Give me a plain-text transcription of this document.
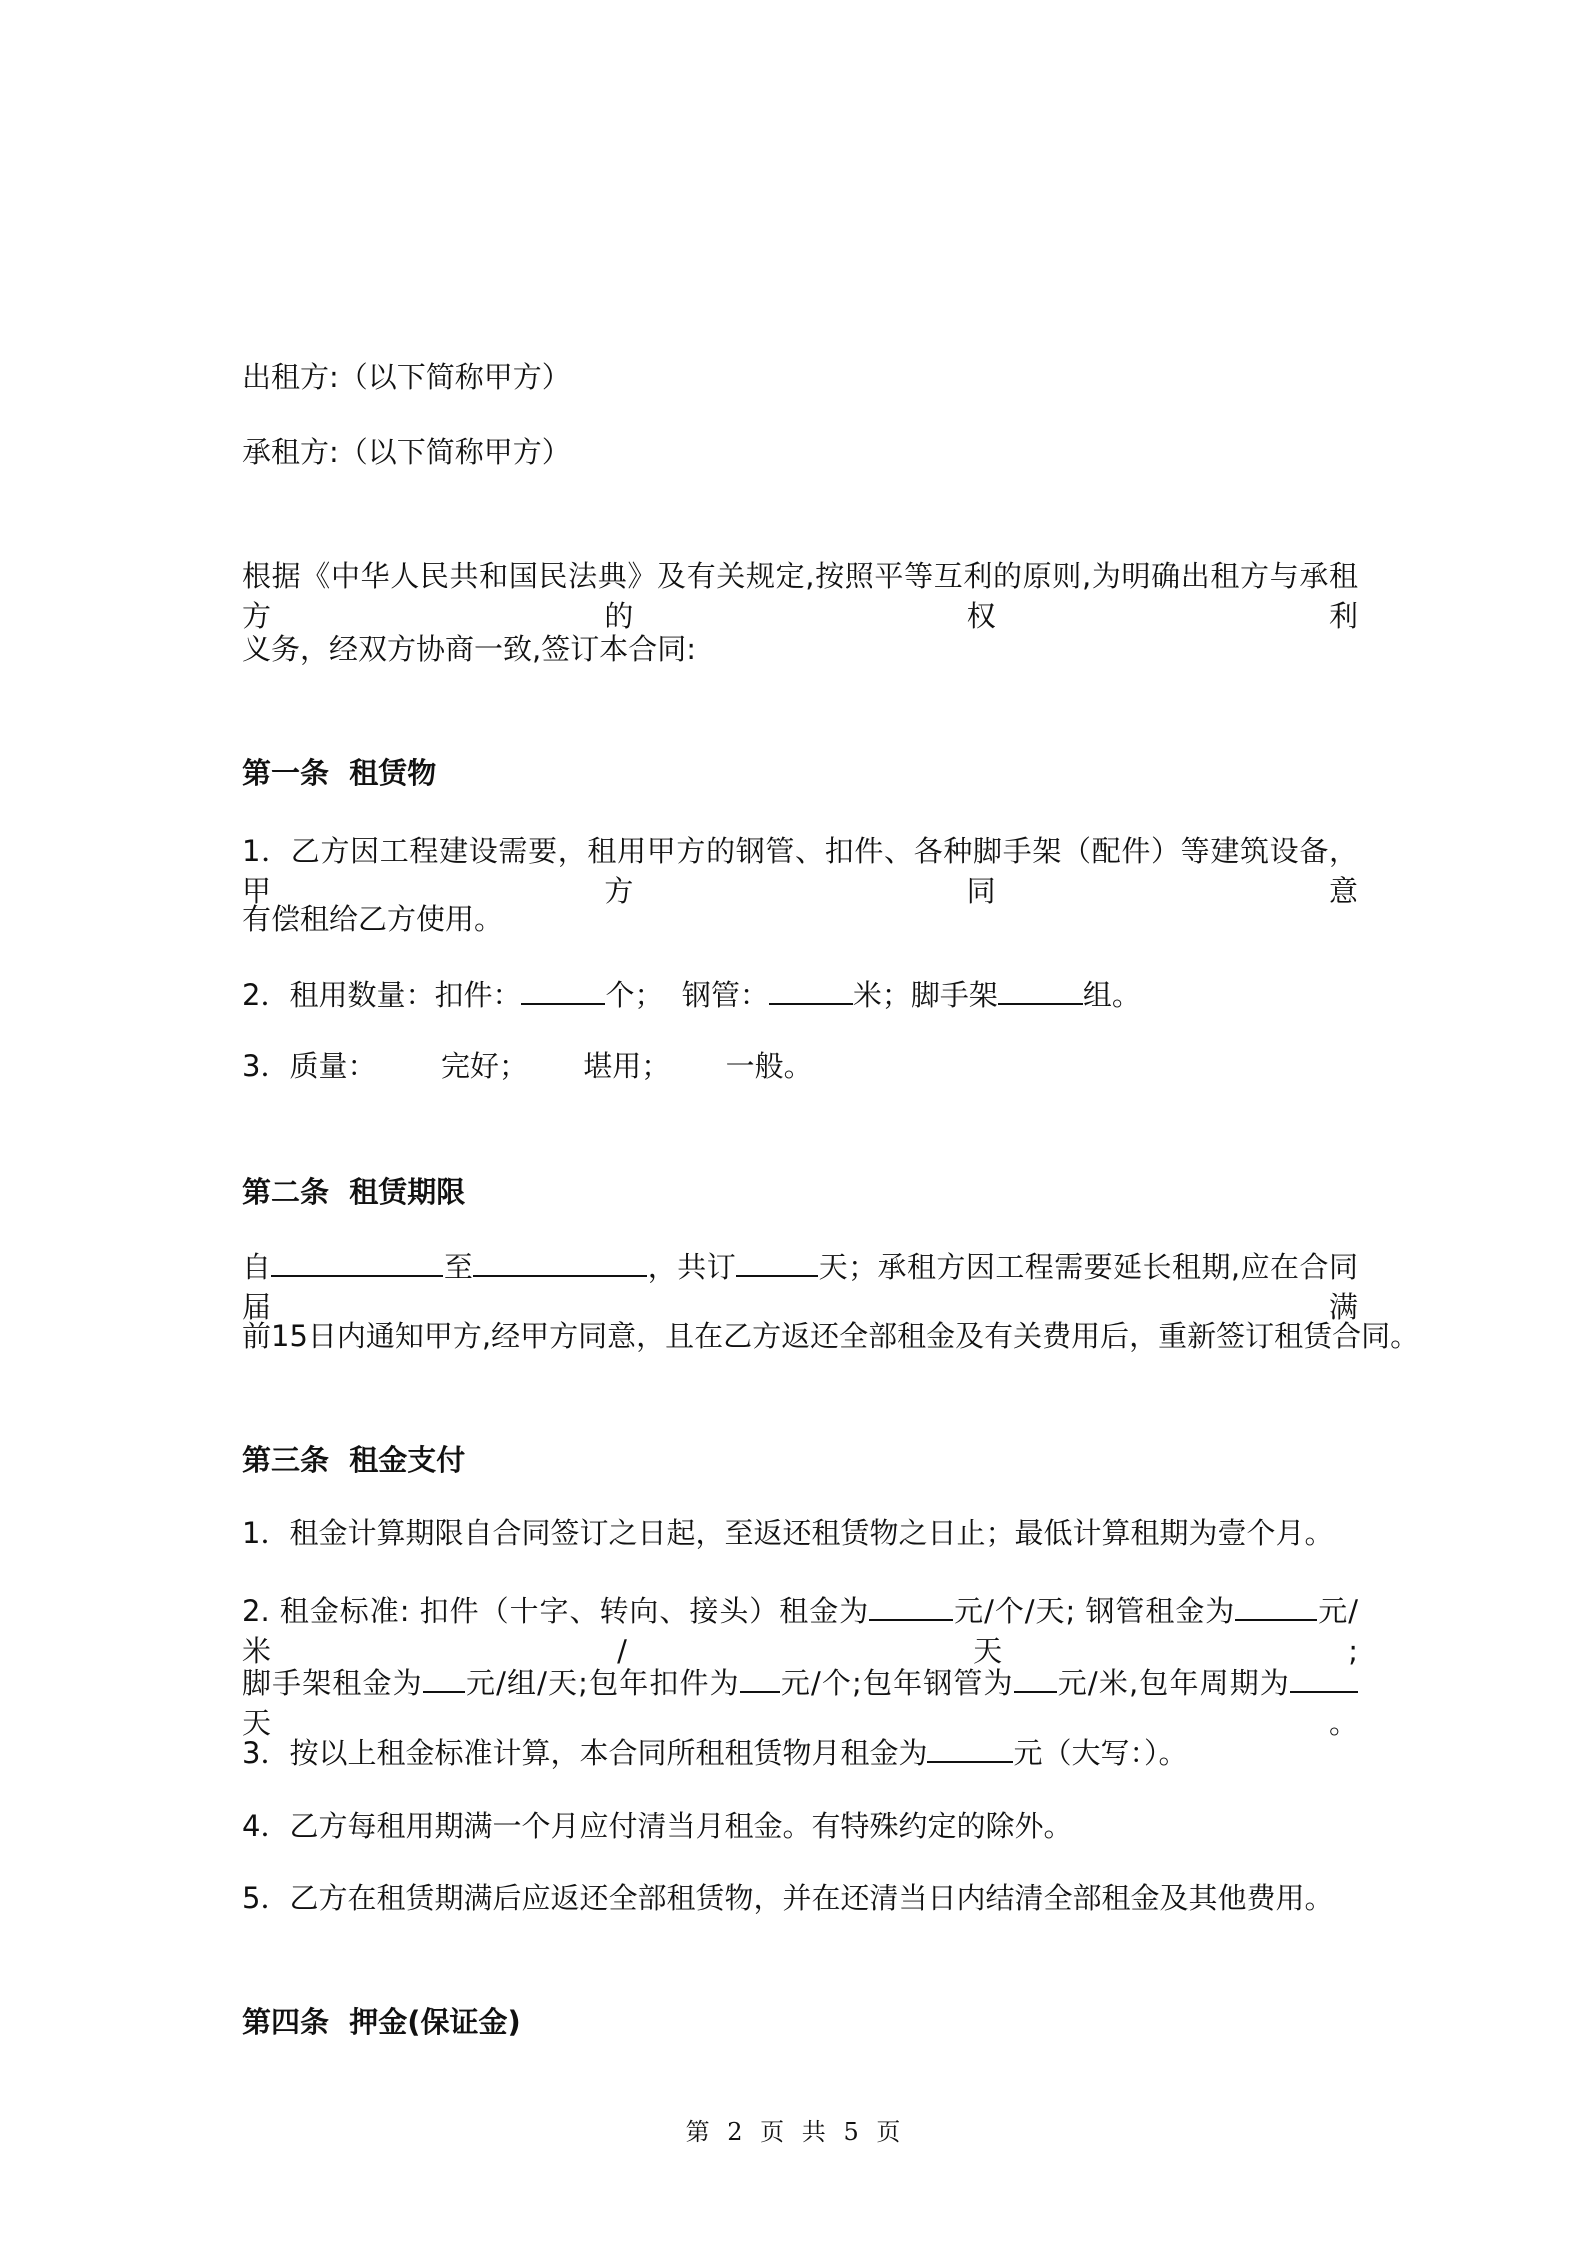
出租方:（以下简称甲方）
承租方:（以下简称甲方）
根据《中华人民共和国民法典》及有关规定,按照平等互利的原则,为明确出租方与承租方的权利
义务，经双方协商一致,签订本合同:
第一条  租赁物
1．乙方因工程建设需要，租用甲方的钢管、扣件、各种脚手架（配件）等建筑设备，甲方同意
有偿租给乙方使用。
2．租用数量：扣件：	个；  钢管：	米；脚手架	组。
3．质量：       完好；      堪用；      一般。
第二条  租赁期限
自	至	，共订	天；承租方因工程需要延长租期,应在合同届满
前15日内通知甲方,经甲方同意，且在乙方返还全部租金及有关费用后，重新签订租赁合同。
第三条  租金支付
1．租金计算期限自合同签订之日起，至返还租赁物之日止；最低计算租期为壹个月。
2. 租金标准: 扣件（十字、转向、接头）租金为	元/个/天; 钢管租金为	元/米/天;
脚手架租金为 元/组/天;包年扣件为 元/个;包年钢管为 元/米,包年周期为天。
3．按以上租金标准计算，本合同所租租赁物月租金为	元（大写：）。
4．乙方每租用期满一个月应付清当月租金。有特殊约定的除外。
5．乙方在租赁期满后应返还全部租赁物，并在还清当日内结清全部租金及其他费用。
第四条  押金(保证金)
第 2 页 共 5 页
